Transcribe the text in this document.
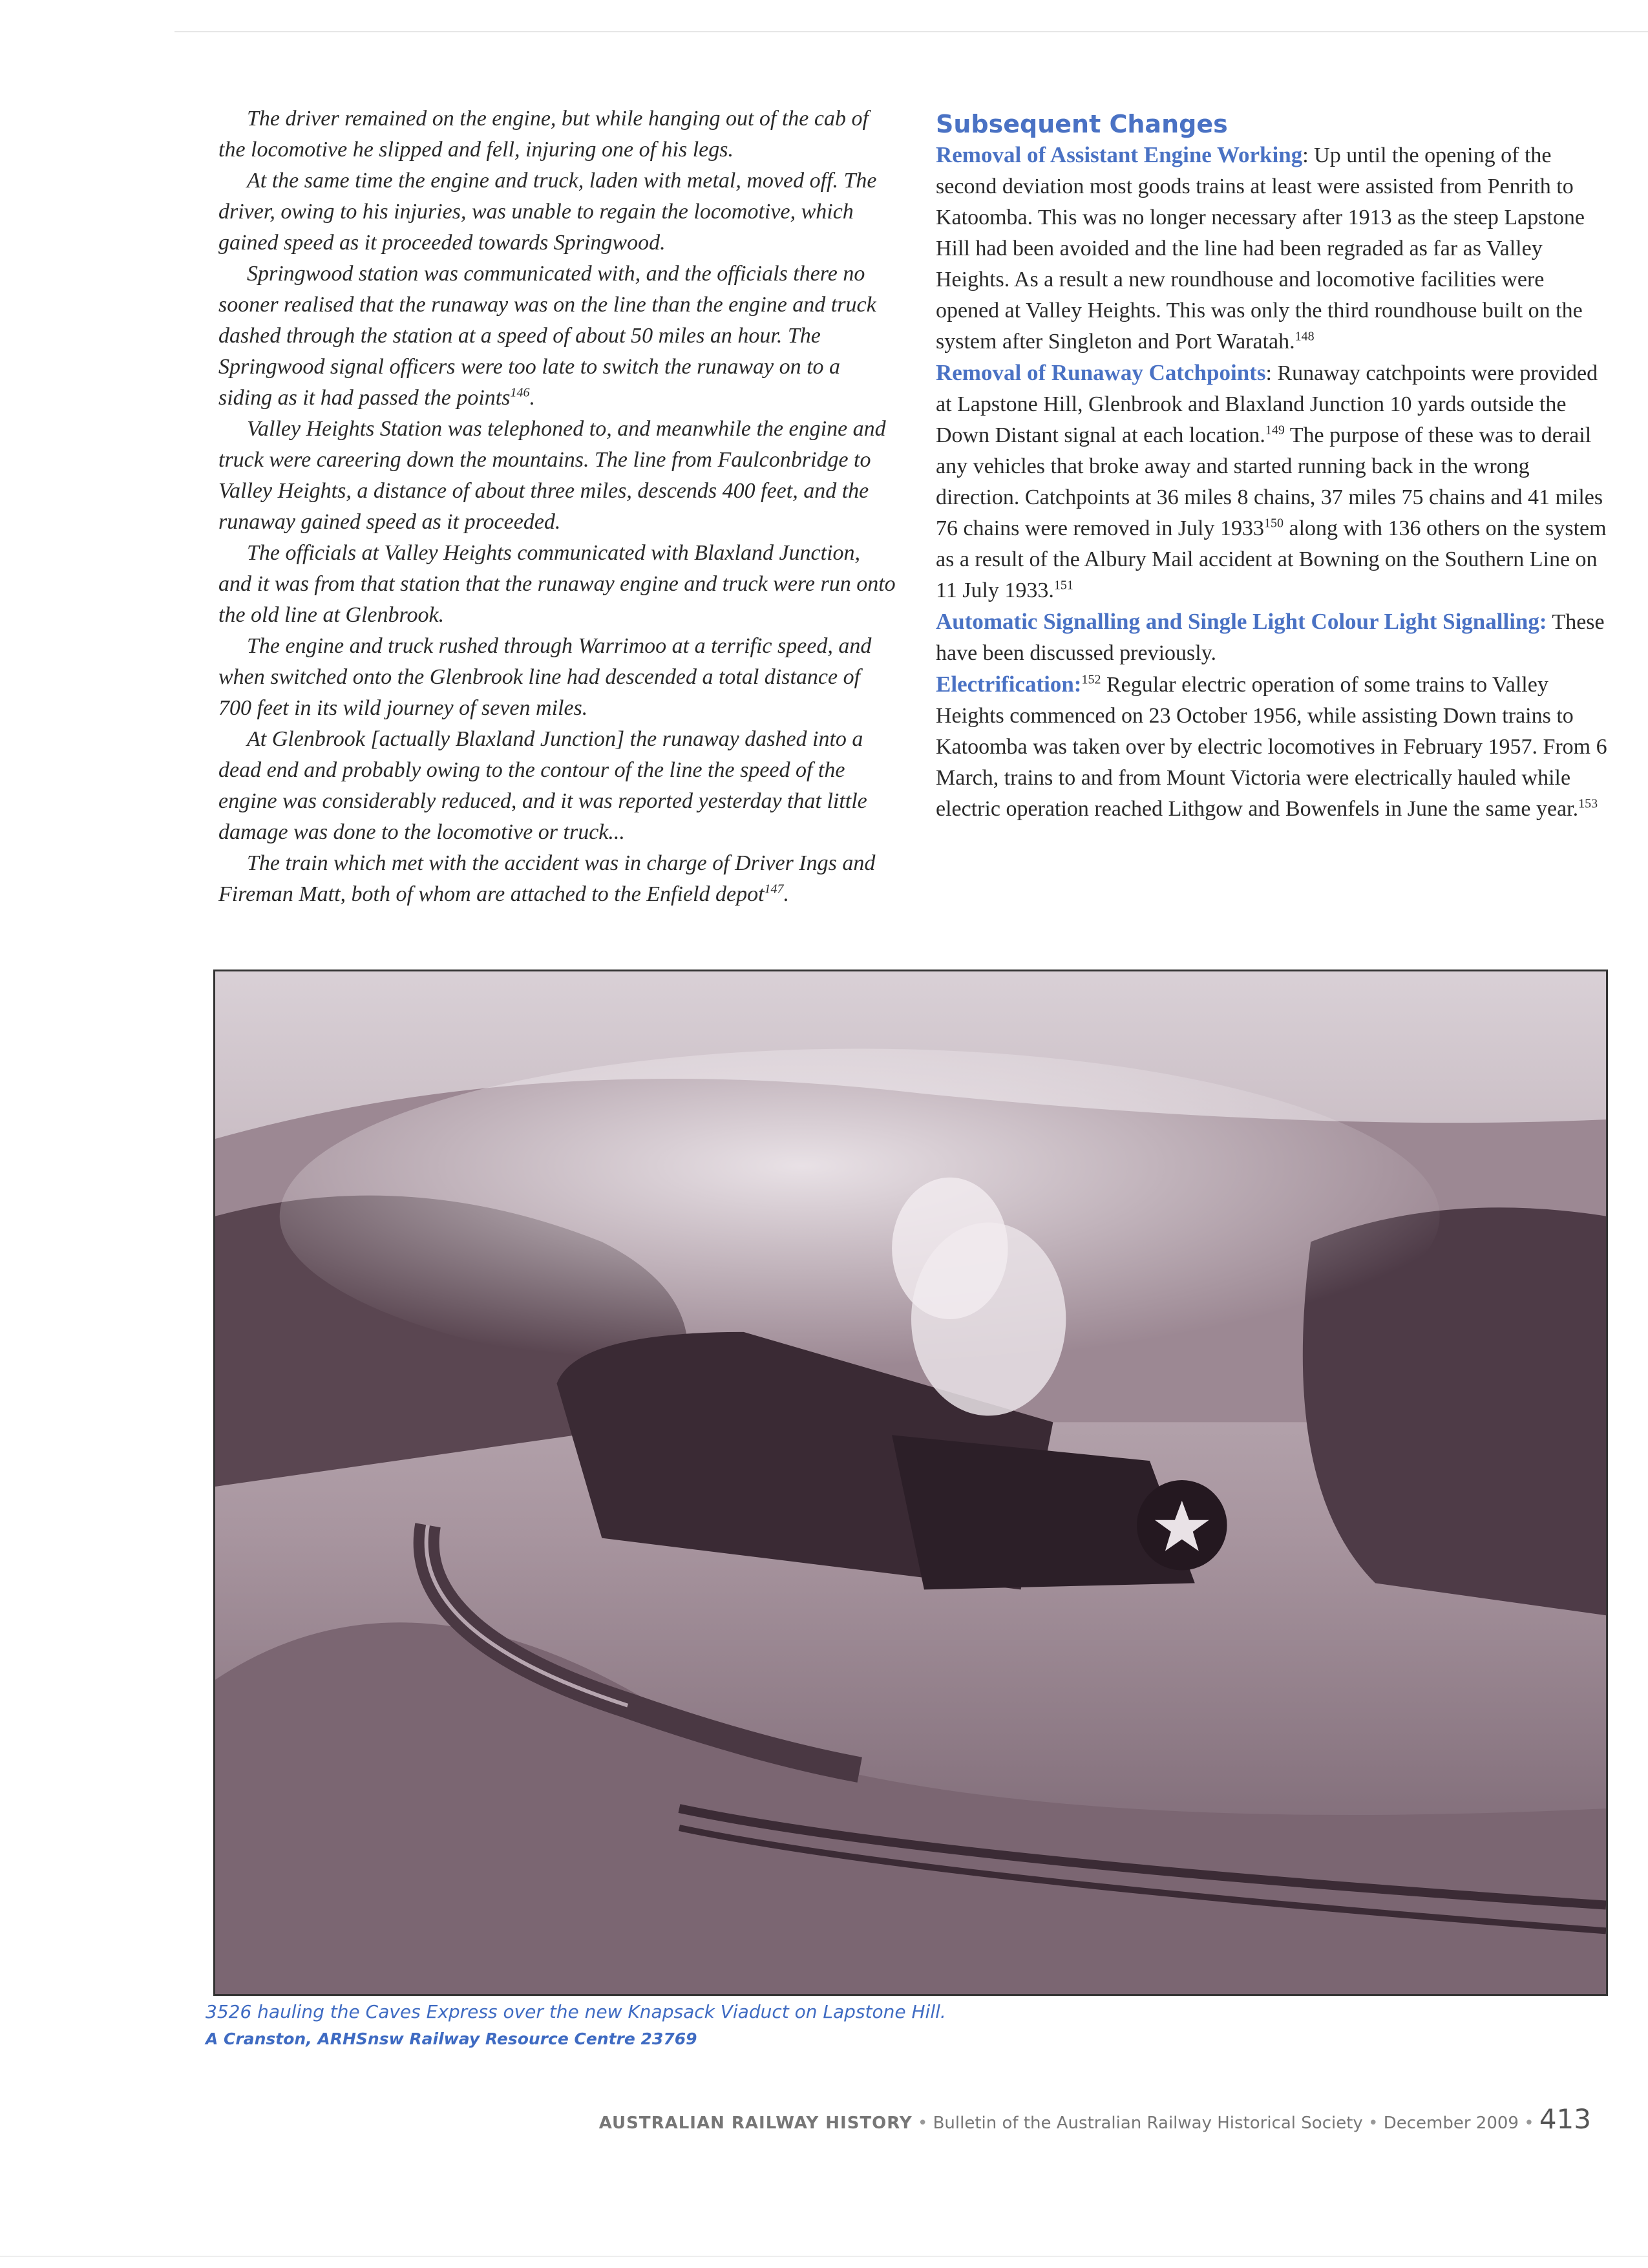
The driver remained on the engine, but while hanging out of the cab of the locomotive he slipped and fell, injuring one of his legs.

At the same time the engine and truck, laden with metal, moved off. The driver, owing to his injuries, was unable to regain the locomotive, which gained speed as it proceeded towards Springwood.

Springwood station was communicated with, and the officials there no sooner realised that the runaway was on the line than the engine and truck dashed through the station at a speed of about 50 miles an hour. The Springwood signal officers were too late to switch the runaway on to a siding as it had passed the points$^{146}$.

Valley Heights Station was telephoned to, and meanwhile the engine and truck were careering down the mountains. The line from Faulconbridge to Valley Heights, a distance of about three miles, descends 400 feet, and the runaway gained speed as it proceeded.

The officials at Valley Heights communicated with Blaxland Junction, and it was from that station that the runaway engine and truck were run onto the old line at Glenbrook.

The engine and truck rushed through Warrimoo at a terrific speed, and when switched onto the Glenbrook line had descended a total distance of 700 feet in its wild journey of seven miles.

At Glenbrook [actually Blaxland Junction] the runaway dashed into a dead end and probably owing to the contour of the line the speed of the engine was considerably reduced, and it was reported yesterday that little damage was done to the locomotive or truck...

The train which met with the accident was in charge of Driver Ings and Fireman Matt, both of whom are attached to the Enfield depot$^{147}$.

Subsequent Changes

Removal of Assistant Engine Working: Up until the opening of the second deviation most goods trains at least were assisted from Penrith to Katoomba. This was no longer necessary after 1913 as the steep Lapstone Hill had been avoided and the line had been regraded as far as Valley Heights. As a result a new roundhouse and locomotive facilities were opened at Valley Heights. This was only the third roundhouse built on the system after Singleton and Port Waratah.$^{148}$

Removal of Runaway Catchpoints: Runaway catchpoints were provided at Lapstone Hill, Glenbrook and Blaxland Junction 10 yards outside the Down Distant signal at each location.$^{149}$ The purpose of these was to derail any vehicles that broke away and started running back in the wrong direction. Catchpoints at 36 miles 8 chains, 37 miles 75 chains and 41 miles 76 chains were removed in July 1933$^{150}$ along with 136 others on the system as a result of the Albury Mail accident at Bowning on the Southern Line on 11 July 1933.$^{151}$

Automatic Signalling and Single Light Colour Light Signalling: These have been discussed previously.

Electrification:$^{152}$ Regular electric operation of some trains to Valley Heights commenced on 23 October 1956, while assisting Down trains to Katoomba was taken over by electric locomotives in February 1957. From 6 March, trains to and from Mount Victoria were electrically hauled while electric operation reached Lithgow and Bowenfels in June the same year.$^{153}$

3526 hauling the Caves Express over the new Knapsack Viaduct on Lapstone Hill.
A Cranston, ARHSnsw Railway Resource Centre 23769
AUSTRALIAN RAILWAY HISTORY • Bulletin of the Australian Railway Historical Society • December 2009 • 413
